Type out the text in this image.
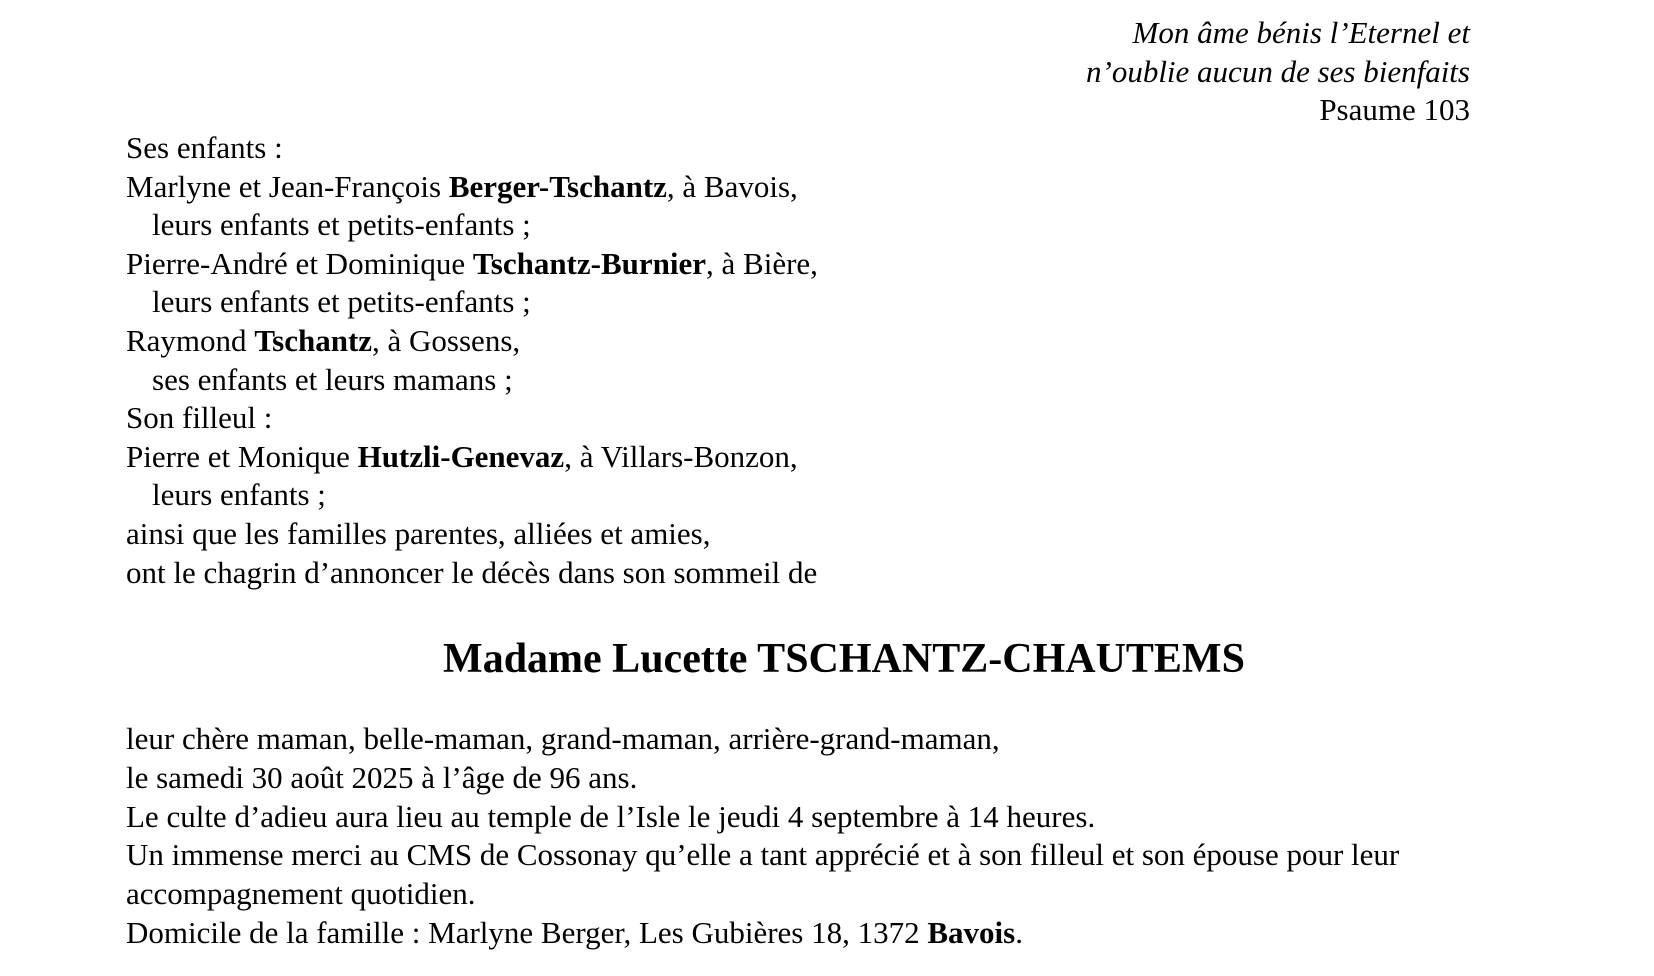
Mon âme bénis l’Eternel et
n’oublie aucun de ses bienfaits
Psaume 103
Ses enfants :
Marlyne et Jean-François Berger-Tschantz, à Bavois,
leurs enfants et petits-enfants ;
Pierre-André et Dominique Tschantz-Burnier, à Bière,
leurs enfants et petits-enfants ;
Raymond Tschantz, à Gossens,
ses enfants et leurs mamans ;
Son filleul :
Pierre et Monique Hutzli-Genevaz, à Villars-Bonzon,
leurs enfants ;
ainsi que les familles parentes, alliées et amies,
ont le chagrin d’annoncer le décès dans son sommeil de
Madame Lucette TSCHANTZ-CHAUTEMS
leur chère maman, belle-maman, grand-maman, arrière-grand-maman,
le samedi 30 août 2025 à l’âge de 96 ans.
Le culte d’adieu aura lieu au temple de l’Isle le jeudi 4 septembre à 14 heures.
Un immense merci au CMS de Cossonay qu’elle a tant apprécié et à son filleul et son épouse pour leur
accompagnement quotidien.
Domicile de la famille : Marlyne Berger, Les Gubières 18, 1372 Bavois.
